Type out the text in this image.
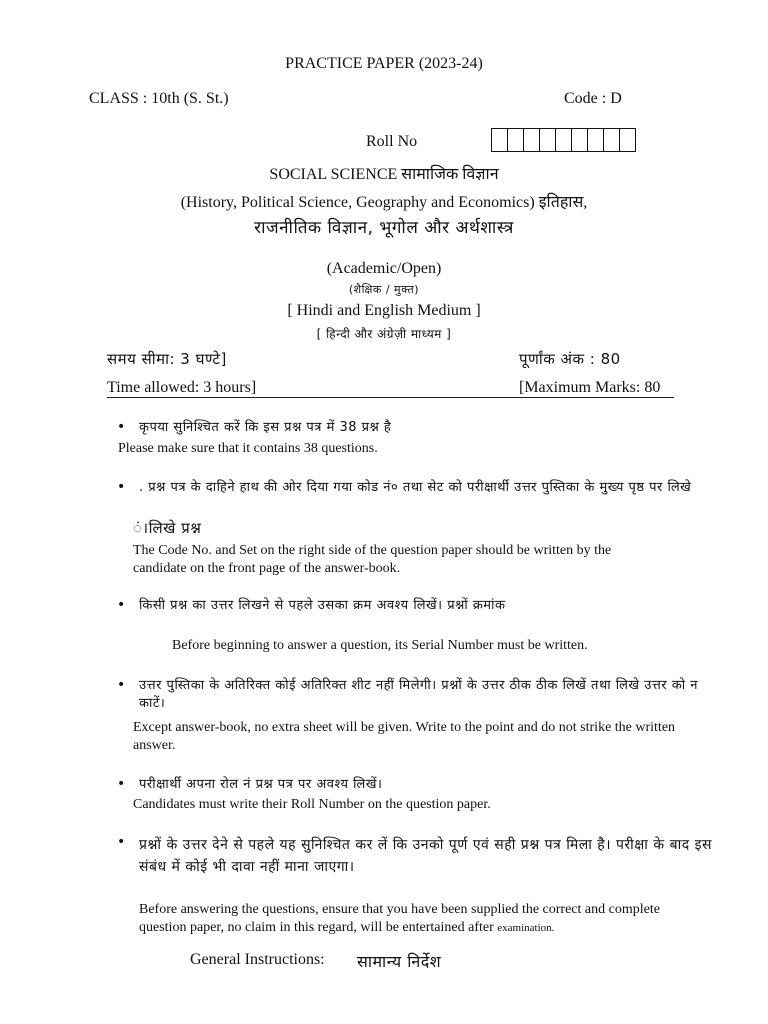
PRACTICE PAPER (2023-24)
CLASS : 10th (S. St.)	Code : D
Roll No
SOCIAL SCIENCE सामाजिक विज्ञान
(History, Political Science, Geography and Economics) इतिहास,
राजनीतिक विज्ञान, भूगोल और अर्थशास्त्र
(Academic/Open)
(शैक्षिक / मुक्त)
[ Hindi and English Medium ]
[ हिन्दी और अंग्रेज़ी माध्यम ]
समय सीमा: 3 घण्टे]	पूर्णांक अंक : 80
Time allowed: 3 hours]	[Maximum Marks: 80
• कृपया सुनिश्चित करें कि इस प्रश्न पत्र में 38 प्रश्न है
Please make sure that it contains 38 questions.
• . प्रश्न पत्र के दाहिने हाथ की ओर दिया गया कोड नं० तथा सेट को परीक्षार्थी उत्तर पुस्तिका के मुख्य पृष्ठ पर लिखे
ं।लिखे प्रश्न
The Code No. and Set on the right side of the question paper should be written by the candidate on the front page of the answer-book.
• किसी प्रश्न का उत्तर लिखने से पहले उसका क्रम अवश्य लिखें। प्रश्नों क्रमांक
Before beginning to answer a question, its Serial Number must be written.
• उत्तर पुस्तिका के अतिरिक्त कोई अतिरिक्त शीट नहीं मिलेगी। प्रश्नों के उत्तर ठीक ठीक लिखें तथा लिखे उत्तर को न काटें।
Except answer-book, no extra sheet will be given. Write to the point and do not strike the written answer.
• परीक्षार्थी अपना रोल नं प्रश्न पत्र पर अवश्य लिखें।
Candidates must write their Roll Number on the question paper.
• प्रश्नों के उत्तर देने से पहले यह सुनिश्चित कर लें कि उनको पूर्ण एवं सही प्रश्न पत्र मिला है। परीक्षा के बाद इस संबंध में कोई भी दावा नहीं माना जाएगा।
Before answering the questions, ensure that you have been supplied the correct and complete question paper, no claim in this regard, will be entertained after examination.
General Instructions: सामान्य निर्देश
